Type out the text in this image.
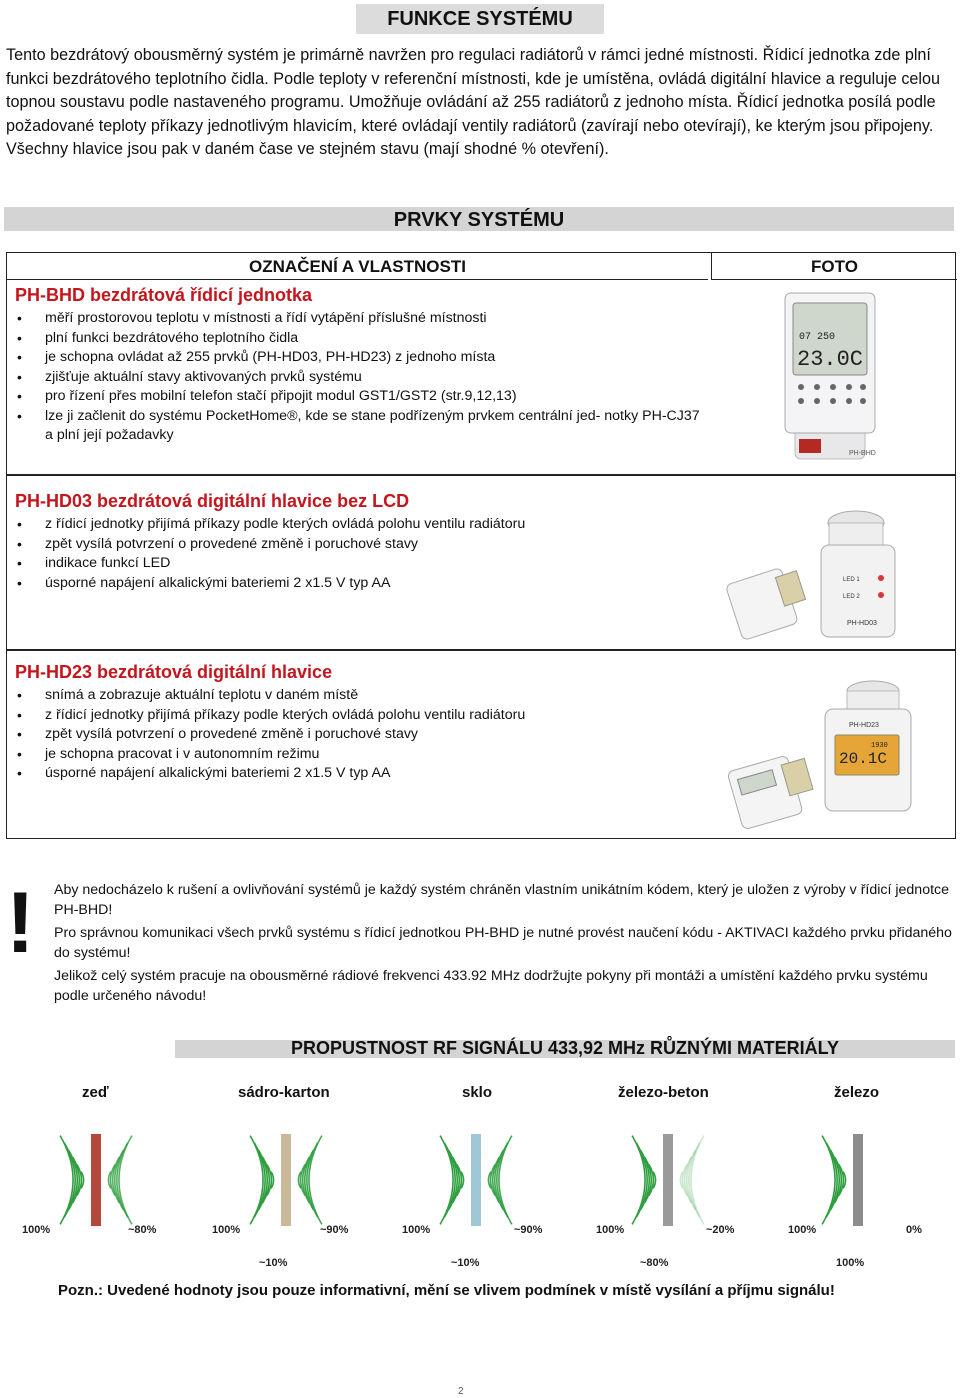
FUNKCE SYSTÉMU
Tento bezdrátový obousměrný systém je primárně navržen pro regulaci radiátorů v rámci jedné místnosti. Řídicí jednotka zde plní funkci bezdrátového teplotního čidla. Podle teploty v referenční místnosti, kde je umístěna, ovládá digitální hlavice a reguluje celou topnou soustavu podle nastaveného programu. Umožňuje ovládání až 255 radiátorů z jednoho místa. Řídicí jednotka posílá podle požadované teploty příkazy jednotlivým hlavicím, které ovládají ventily radiátorů (zavírají nebo otevírají), ke kterým jsou připojeny. Všechny hlavice jsou pak v daném čase ve stejném stavu (mají shodné % otevření).
PRVKY SYSTÉMU
OZNAČENÍ A VLASTNOSTI	FOTO
PH-BHD bezdrátová řídicí jednotka
• měří prostorovou teplotu v místnosti a řídí vytápění příslušné místnosti
• plní funkci bezdrátového teplotního čidla
• je schopna ovládat až 255 prvků (PH-HD03, PH-HD23) z jednoho místa
• zjišťuje aktuální stavy aktivovaných prvků systému
• pro řízení přes mobilní telefon stačí připojit modul GST1/GST2 (str.9,12,13)
• lze ji začlenit do systému PocketHome®, kde se stane podřízeným prvkem centrální jed- notky PH-CJ37 a plní její požadavky
PH-HD03 bezdrátová digitální hlavice bez LCD
• z řídicí jednotky přijímá příkazy podle kterých ovládá polohu ventilu radiátoru
• zpět vysílá potvrzení o provedené změně i poruchové stavy
• indikace funkcí LED
• úsporné napájení alkalickými bateriemi 2 x1.5 V typ AA
PH-HD23 bezdrátová digitální hlavice
• snímá a zobrazuje aktuální teplotu v daném místě
• z řídicí jednotky přijímá příkazy podle kterých ovládá polohu ventilu radiátoru
• zpět vysílá potvrzení o provedené změně i poruchové stavy
• je schopna pracovat i v autonomním režimu
• úsporné napájení alkalickými bateriemi 2 x1.5 V typ AA
07 250
23.0C
PH-BHD
LED 1
LED 2
PH-HD03
PH-HD23
20.1C
1930
! Aby nedocházelo k rušení a ovlivňování systémů je každý systém chráněn vlastním unikátním kódem, který je uložen z výroby v řídicí jednotce PH-BHD!

Pro správnou komunikaci všech prvků systému s řídicí jednotkou PH-BHD je nutné provést naučení kódu - AKTIVACI každého prvku přidaného do systému!

Jelikož celý systém pracuje na obousměrné rádiové frekvenci 433.92 MHz dodržujte pokyny při montáži a umístění každého prvku systému podle určeného návodu!

PROPUSTNOST RF SIGNÁLU 433,92 MHz RŮZNÝMI MATERIÁLY
zeď	sádro-karton	sklo	železo-beton	železo
100%	~80%	100%	~90%
~10%
100%	~90%
~10%
100%	~20%
~80%
100%	0%
100%
Pozn.: Uvedené hodnoty jsou pouze informativní, mění se vlivem podmínek v místě vysílání a příjmu signálu!
2
